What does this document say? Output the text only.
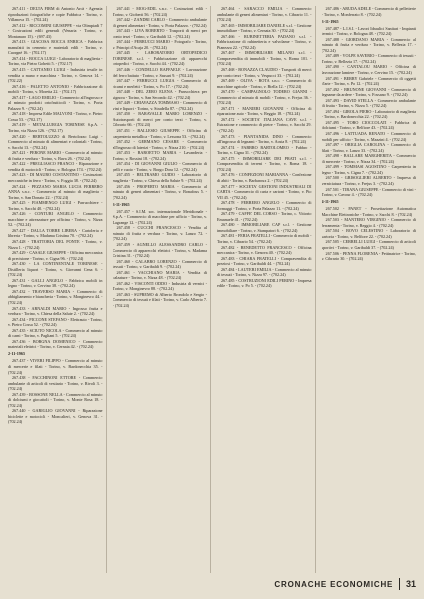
267.411 - DELTA FIRM di Antonio Arcà - Agenzia riproduzioni fotografiche e copie Fabbrica - Torino, v. Villanova 15. - (702.24)

267.412 - RICCOMINI GIUSEPPE - via Olimpiadi 7 - Costruzioni edili generali (Venaria - Torino, v. Montanaro 15). - (697.43)

267.413 - GIACOSA ROCCA ENRICA - Fabbrica manufatti in cemento e materiali edili - Torino, v. Cuorgnè 16. - (702.17)

267.414 - BOCCA LUIGI - Laboratorio di maglieria - Torino, via Pietro Gobetti 5. - (702.17)

267.415 - CATTANEO LUIGI - Industria tessile in vendita a mano e macchina - Torino, v. Genova 14. - (702.22)

267.416 - PALETTO ANTONIO - Fabbricazione di mobili - Torino, v. Moretta 22. - (702.17)

267.417 - LAGO EMILIO - Commercio all'ingrosso e al minuto prodotti ortofrutticoli - Torino, v. Porta Palazzo 9. - (702.24)

267.418 - Impresa Edile MALVONI - Torino, v. Pietro Cossa 53. - (702.17)

267.419 - METALLURGIA TORINESE S.p.A. - Torino, via Nizza 126. - (702.17)

267.420 - BERTOLUZZO di Bertolozzo Luigi - Commercio al minuto di alimentari e coloniali - Torino, v. Sacchi 13. - (702.24)

267.421 - PERONE MARIO - Commercio al minuto di frutta e verdura - Torino, v. Bava 26. - (702.24)

267.422 - PREGLIASCO FRANCO - Riparazione e vendita di motocicli - Torino, v. Bologna 174. - (702.24)

267.423 - DI MAURO COSTANTINO - Costruzioni meccaniche in ferro - Torino, v. Foggia 38. - (702.24)

267.424 - PEZZANO MARIA LUCIA FERRERO ANNA s.n.c. - Commercio al minuto di maglieria - Torino, v. San Donato 22. - (702.24)

267.425 - FIAMMENGO LUIGI - Parrucchiere - Torino, v. Sacchi 40. - (702.24)

267.426 - CONTURI ANGELO - Commercio macchine e attrezzature per officina - Torino, v. Nizza 52. - (702.24)

267.427 - DALLA TORRE LIBERA - Cartoleria e libreria - Torino, v. Madama Cristina 70. - (702.24)

267.428 - TRATTORIA DEL PONTE - Torino, v. Nizza 1. - (702.24)

267.429 - CASALE GIUSEPPE - Officina meccanica di precisione - Torino, v. Cigna 96. - (702.24)

267.430 - LA CONTINENTALE TORINESE - Distilleria liquori - Torino, v. Giovanni Cena 6. - (702.24)

267.431 - GALLI ANGELO - Fabbrica mobili in legno - Torino, v. Cervino 38. - (702.24)

267.432 - TRAVERSO MARIA - Commercio di abbigliamento e biancheria - Torino, v. Monginevro 44. - (702.24)

267.433 - ARNALDI MARIO - Ingrosso frutta e verdura - Torino, v. Chiesa della Salute 2. - (702.24)

267.434 - PICCONE STEFANO - Elettrauto - Torino, v. Pietro Cossa 52. - (702.24)

267.435 - SCIUTO NICOLA - Commercio al minuto di carni - Torino, v. Pagliani 5. - (702.24)

267.436 - BORGNA DOMENICO - Commercio materiali elettrici - Torino, v. Cernaia 42. - (702.24)

2-11-1965

267.437 - VIVERI FILIPPO - Commercio al minuto di mercerie e filati - Torino, v. Bardonecchia 35. - (702.24)

267.438 - FACCHINONI ETTORE - Commercio ambulante di articoli di vestiario - Torino, v. Rivoli 3. - (702.24)

267.439 - BOSSONE NELLA - Commercio al minuto di dolciumi e giocattoli - Torino, v. Monte Rosa 18. - (702.24)

267.440 - GARIGLIO GIOVANNI - Riparazione biciclette e motocicli - Moncalieri, v. Genova 31. - (702.24)

267.441 - MOG-EDIL s.n.c. - Costruzioni edili - Torino, v. Gioberti 56. - (702.24)

267.442 - ZANDRI CARLO - Commercio ambulante di generi alimentari - Torino, v. Porta Palazzo. - (702.24)

267.443 - LIVA ROBERTO - Trasporti di merci per conto terzi - Torino, v. Garibaldi 12. - (702.24)

267.444 - FERRUCCI MARIO - Fotografo - Torino, v. Principi d'Acaja 20. - (702.24)

267.445 - LABORATORIO ORTOPEDICO TORINESE s.r.l. - Fabbricazione di apparecchi ortopedici - Torino, v. Sacchi 44. - (702.24)

267.446 - CONDELLO RAFFAELE - Lavorazione del ferro battuto - Torino, v. Sassari 9. - (702.24)

267.447 - FERRUCCI LUIGIA - Commercio di ricami e merletti - Torino, v. Po 17. - (702.24)

267.448 - DEL ZERO ELENA - Parrucchiera per signora - Torino, v. San Secondo 42. - (702.24)

267.449 - CHIAVAZZA TOMMASO - Commercio di vini e liquori - Torino, v. Stradella 87. - (702.24)

267.450 - BARAVALLE MARIO LORENZO - Autotrasporti di merci per conto terzi - Torino, v. Cibrario 66. - (702.24)

267.451 - BALLESIO GIUSEPPE - Officina di carpenteria metallica - Torino, v. Lessona 53. - (702.24)

267.452 - GERMANO CESARE - Commercio all'ingrosso di laterizi - Torino, v. Nizza 210. - (702.24)

267.453 - BAROETTO MARIA - Lavanderia - Torino, v. Rossini 18. - (702.24)

267.454 - DI GIOVANNI GIULIO - Commercio di pelli e cuoio - Torino, v. Borgo Dora 12. - (702.24)

267.455 - BELTRAMO GUIDO - Laboratorio di maglieria - Torino, v. Chiesa della Salute 9. - (702.24)

267.456 - PROPERTO MARIA - Commercio al minuto di generi alimentari - Torino, v. Bonafous 5. - (702.24)

3-11-1965

267.457 - S.I.M. soc. internazionale Meridionale - S.p.A. - Commercio di macchine per ufficio - Torino, v. Lagrange 12. - (702.24)

267.458 - CUCCHI FRANCESCO - Vendita al minuto di frutta e verdura - Torino, v. Lanzo 72. - (702.24)

267.459 - AGNELLO ALESSANDRO CARLO - Commercio di apparecchi elettrici - Torino, v. Madama Cristina 31. - (702.24)

267.460 - CALABRO LORENZO - Commercio di tessuti - Torino, v. Garibaldi 9. - (702.24)

267.461 - VACCHIANO MARIA - Vendita di calzature - Torino, v. Nizza 48. - (702.24)

267.462 - VISCONTI ODDO - Industria di vernici - Torino, v. Monginevro 88. - (702.24)

267.463 - SUPREMO di Alberto Brondolo e Sergio - Commercio di tessuti e filati - Torino, v. Carlo Alberto 7. - (702.24)

267.464 - SARACCO EMILIA - Commercio ambulante di generi alimentari - Torino, v. Cibrario 11. - (702.24)

267.465 - IMMOBILIARE DANIELE s.r.l. - Gestione immobiliare - Torino, v. Cernaia 30. - (702.24)

267.466 - RUBINETTERIA PADANO s.r.l. - Fabbricazione di rubinetteria e valvolame - Torino, v. Pianezza 22. - (702.24)

267.467 - IMMOBILIARE MILANO s.r.l. - Compravendita di immobili - Torino, v. Roma 101. - (702.24)

267.468 - BONAZZA CLAUDIO - Trasporti di merci per conto terzi - Torino, v. Vespucci 33. - (702.24)

267.469 - OLIVA - ROTA s.n.c. - Commercio di macchine agricole - Torino, v. Biella 12. - (702.24)

267.470 - CAMPAGNOLO TODERO GIANNI - Commercio al minuto di mobili - Torino, v. Frejus 36. - (702.24)

267.471 - MANIERI GIOVANNI - Officina di riparazione auto - Torino, v. Reggio 18. - (702.24)

267.472 - SOCIETA' ITALIANA CAVE s.r.l. - Estrazione e commercio di pietre - Torino, v. Sacchi 29. - (702.24)

267.473 - PIANTANIDA DINO - Commercio all'ingrosso di legnami - Torino, v. Aosta 8. - (702.24)

267.474 - FABBRO BARTOLOMEO - Fabbro - Torino, v. Cigna 31. - (702.24)

267.475 - IMMOBILIARE DEI PRATI s.r.l. - Compravendita di terreni - Torino, v. Roma 18. - (702.24)

267.476 - CONFEZIONI MARIANNA - Confezione di abiti - Torino, v. Barbaroux 2. - (702.24)

267.477 - SOCIETA' GESTIONI INDUSTRIALI DI CARTA - Commercio di carta e cartoni - Torino, v. Pio VII 45. - (702.24)

267.478 - FERRERO ANGELO - Commercio di formaggi - Torino, v. Porta Palazzo 11. - (702.24)

267.479 - CAFFE' DEL CORSO - Torino, c. Vittorio Emanuele 41. - (702.24)

267.480 - IMMOBILIARE CAP s.r.l. - Gestione immobiliare - Torino, v. Stampatori 6. - (702.24)

267.481 - FERIA FRATELLI - Commercio di mobili - Torino, v. Cibrario 54. - (702.24)

267.482 - BENEDETTO FRANCESCO - Officina meccanica - Torino, v. Genova 40. - (702.24)

267.483 - CHIARA FRATELLI - Compravendita di preziosi - Torino, v. Garibaldi 44. - (702.24)

267.484 - LAUTERI EMILIA - Commercio al minuto di tessuti - Torino, v. Nizza 97. - (702.24)

267.485 - COSTRUZIONI EDILI PERINO - Impresa edile - Torino, v. Po 5. - (702.24)

267.486 - ARUDA ADELE - Commercio di pelletterie - Torino, v. Monferrato 8. - (702.24)

3-11-1965

267.487 - L.I.S.I. - Lavori Idraulici Sanitari - Impianti termici - Torino, v. Bologna 48. - (702.24)

267.488 - GIORDANO MARIA - Commercio al minuto di frutta e verdura - Torino, v. Bellezia 17. - (702.24)

267.489 - VOLPE SAVERIO - Commercio di tessuti - Torino, v. Bellezia 17. - (702.24)

267.490 - CANTALOU MARIO - Officina di lavorazione lamiere - Torino, v. Cervino 15. - (702.24)

267.491 - BERRY Gabriele - Commercio di oggetti d'arte - Torino, v. Po 12. - (702.24)

267.492 - BRUNONE GIOVANNI - Commercio di legname da ardere - Torino, v. Fossano 9. - (702.24)

267.493 - DAVID STELLA - Commercio ambulante di frutta - Torino, v. Nizza 5. - (702.24)

267.494 - GIROLA PIERO - Laboratorio di maglieria - Torino, v. Bardonecchia 22. - (702.24)

267.495 - TORO CIOCCOLATI - Fabbrica di dolciumi - Torino, v. Belfiore 43. - (702.24)

267.496 - LATTUADA RENATO - Commercio di mobili per ufficio - Torino, v. Mazzini 4. - (702.24)

267.497 - ORIGLIA CAROLINA - Commercio di filati - Torino, v. Lanzo 33. - (702.24)

267.498 - BALLARE MARGHERITA - Commercio di mercerie - Torino, v. Nizza 34. - (702.24)

267.499 - TOMMASI AGOSTINO - Carpenteria in legno - Torino, v. Cigna 7. - (702.24)

267.500 - GRISOGLIERI ALBERTO - Impresa di verniciatura - Torino, v. Frejus 3. - (702.24)

267.501 - TIBANA GIUSEPPE - Commercio di vini - Torino, v. Cavour 4. - (702.24)

4-11-1965

267.502 - PANET - Prosettazione Automatica Macchine Elettroniche - Torino, v. Sacchi 8. - (702.24)

267.503 - MANTERO VIRGINIO - Commercio di ferramenta - Torino, v. Reggio 4. - (702.24)

267.504 - BOVO CELESTINO - Laboratorio di sartoria - Torino, v. Belfiore 22. - (702.24)

267.505 - CERRELLI LUIGI - Commercio di articoli sportivi - Torino, v. Garibaldi 37. - (702.24)

267.506 - PENNA FLORENIA - Pettinatrice - Torino, v. Cibrario 30. - (702.24)

CRONACHE ECONOMICHE 31
